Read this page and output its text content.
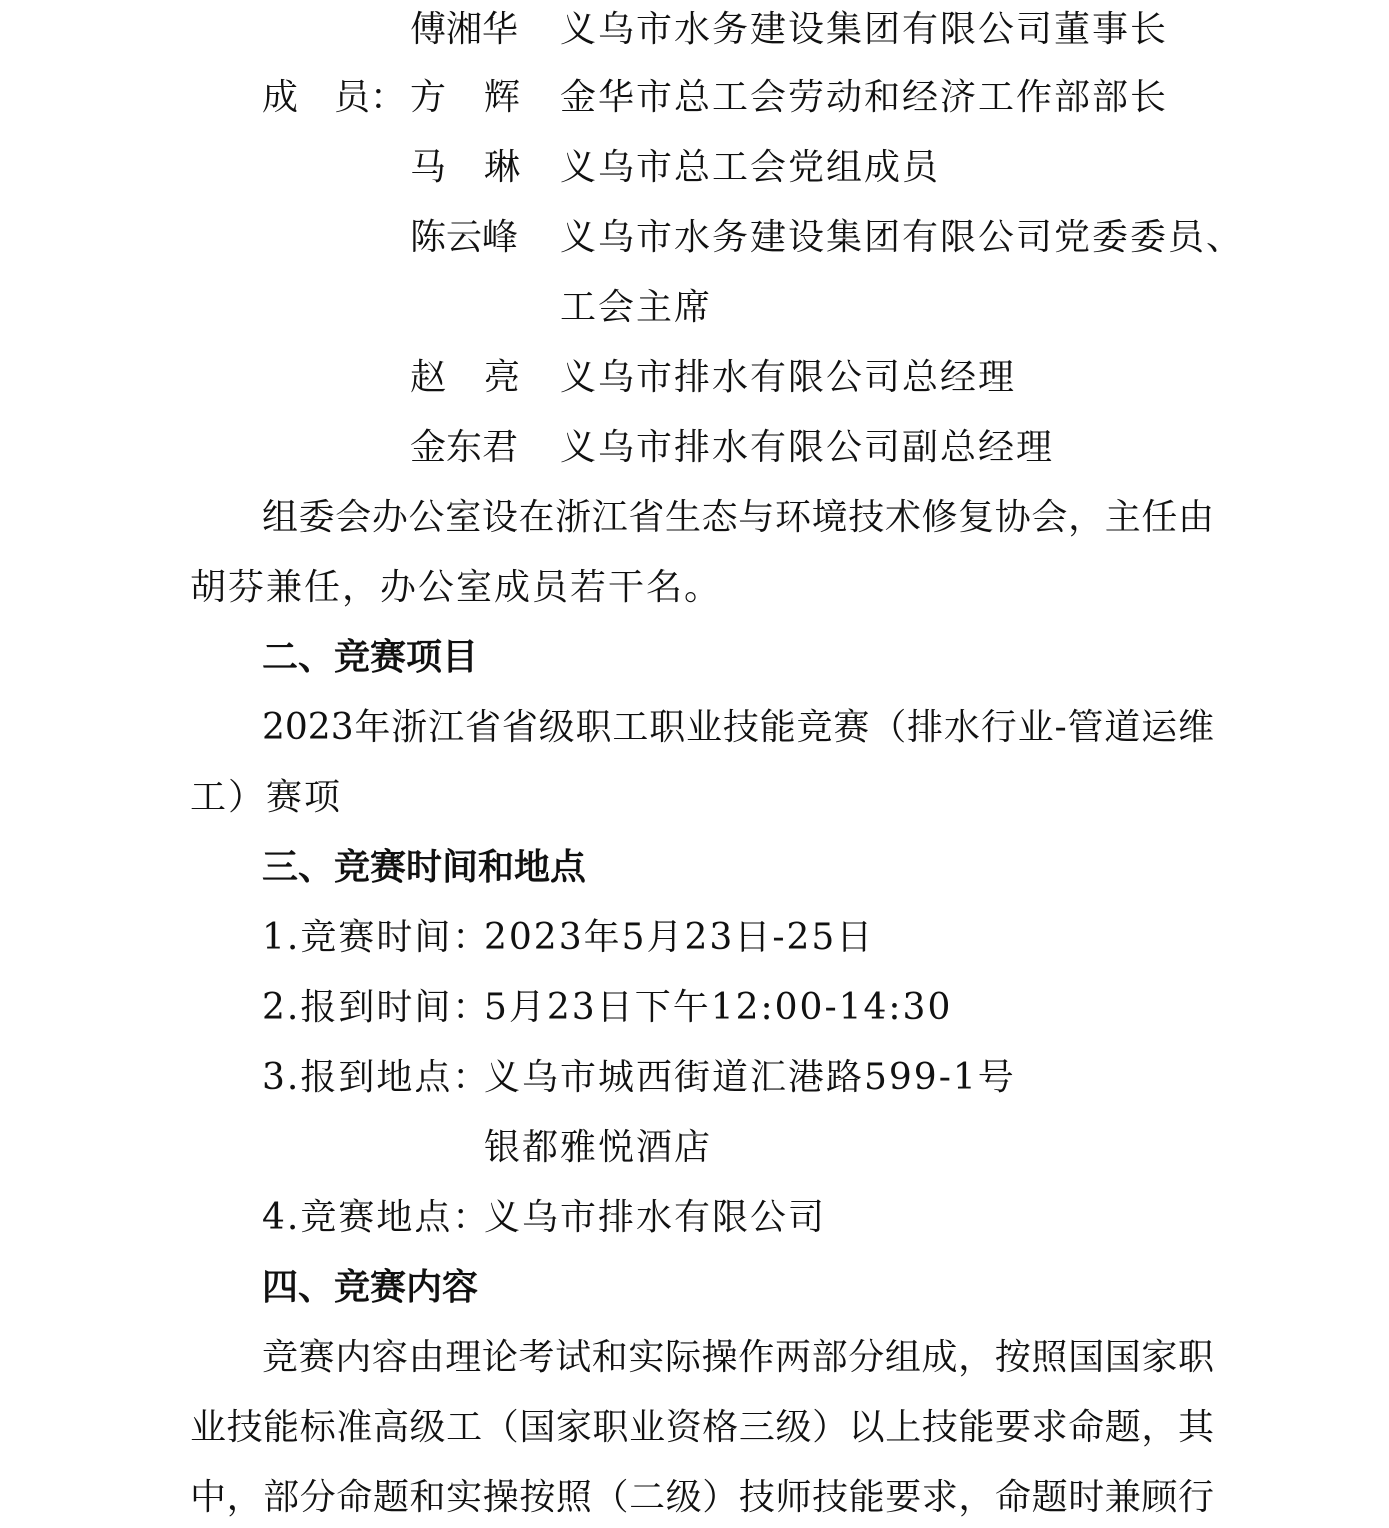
傅湘华	义乌市水务建设集团有限公司董事长
成　员： 方辉 金华市总工会劳动和经济工作部部长
马琳 义乌市总工会党组成员
陈云峰	义乌市水务建设集团有限公司党委委员、
工会主席
赵亮 义乌市排水有限公司总经理
金东君	义乌市排水有限公司副总经理
组委会办公室设在浙江省生态与环境技术修复协会，主任由
胡芬兼任，办公室成员若干名。
二、竞赛项目
2023年浙江省省级职工职业技能竞赛（排水行业-管道运维
工）赛项
三、竞赛时间和地点
1.竞赛时间：
2023年5月23日-25日
2.报到时间：
5月23日下午12:00-14:30
3.报到地点：
义乌市城西街道汇港路599-1号
银都雅悦酒店
4.竞赛地点：
义乌市排水有限公司
四、竞赛内容
竞赛内容由理论考试和实际操作两部分组成，按照国国家职
业技能标准高级工（国家职业资格三级）以上技能要求命题，其
中，部分命题和实操按照（二级）技师技能要求，命题时兼顾行
